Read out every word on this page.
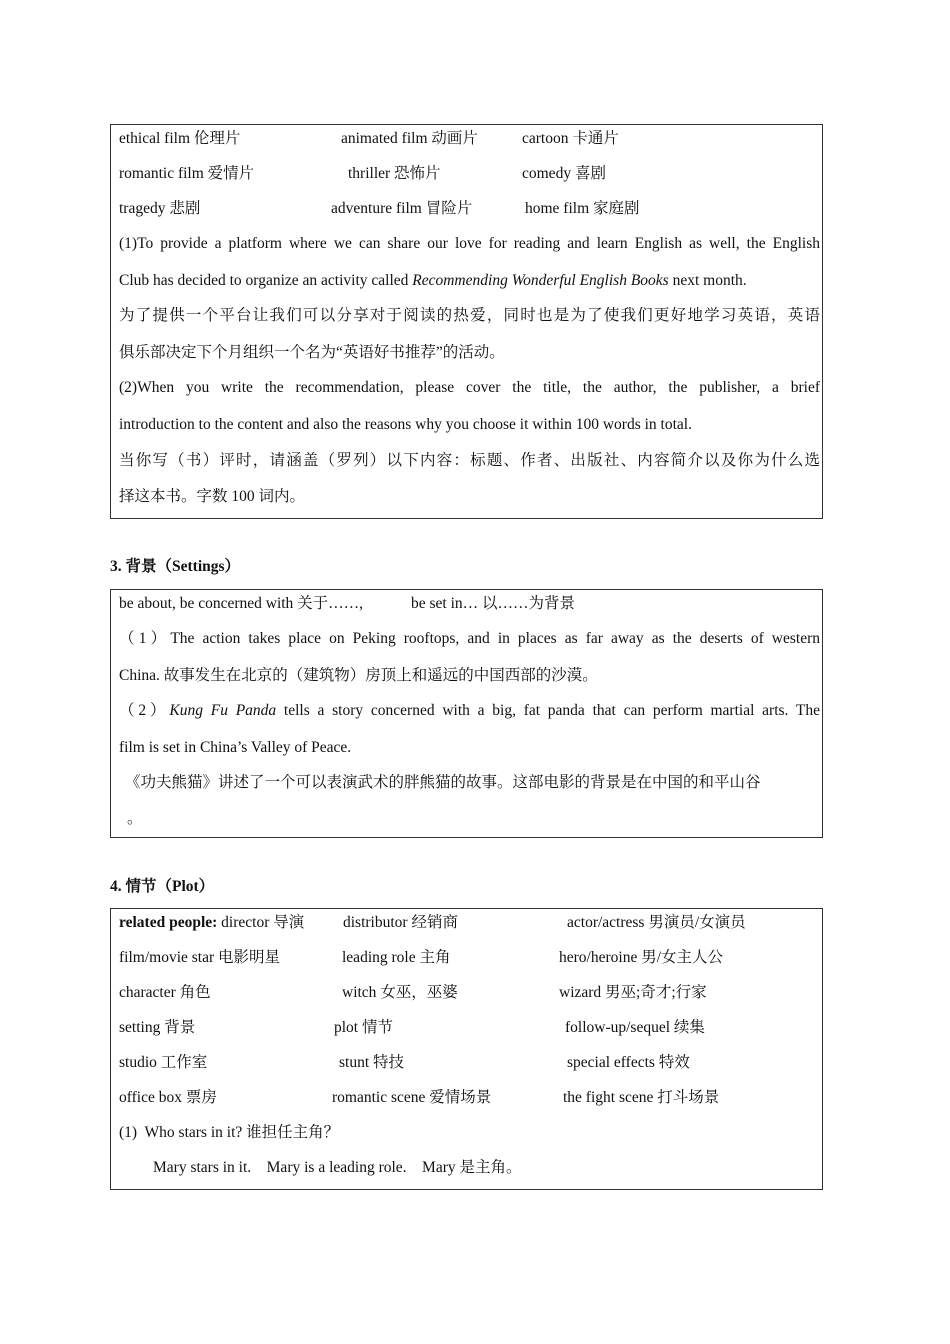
ethical film 伦理片	animated film 动画片	cartoon 卡通片
romantic film 爱情片	thriller 恐怖片	comedy 喜剧
tragedy 悲剧	adventure film 冒险片	home film 家庭剧
(1)To provide a platform where we can share our love for reading and learn English as well, the English
Club has decided to organize an activity called Recommending Wonderful English Books next month.
为了提供一个平台让我们可以分享对于阅读的热爱，同时也是为了使我们更好地学习英语，英语
俱乐部决定下个月组织一个名为“英语好书推荐”的活动。
(2)When you write the recommendation, please cover the title, the author, the publisher, a brief
introduction to the content and also the reasons why you choose it within 100 words in total.
当你写（书）评时，请涵盖（罗列）以下内容：标题、作者、出版社、内容简介以及你为什么选
择这本书。字数 100 词内。
3. 背景（Settings）
be about, be concerned with 关于……,	be set in… 以……为背景
（1）The action takes place on Peking rooftops, and in places as far away as the deserts of western
China. 故事发生在北京的（建筑物）房顶上和遥远的中国西部的沙漠。
（2）Kung Fu Panda tells a story concerned with a big, fat panda that can perform martial arts. The
film is set in China’s Valley of Peace.
《功夫熊猫》讲述了一个可以表演武术的胖熊猫的故事。这部电影的背景是在中国的和平山谷
。
4. 情节（Plot）
related people: director 导演	distributor 经销商	actor/actress 男演员/女演员
film/movie star 电影明星	leading role 主角	hero/heroine 男/女主人公
character 角色	witch 女巫，巫婆	wizard 男巫;奇才;行家
setting 背景	plot 情节	follow-up/sequel 续集
studio 工作室	stunt 特技	special effects 特效
office box 票房	romantic scene 爱情场景	the fight scene 打斗场景
(1)  Who stars in it? 谁担任主角？
Mary stars in it.    Mary is a leading role.    Mary 是主角。
